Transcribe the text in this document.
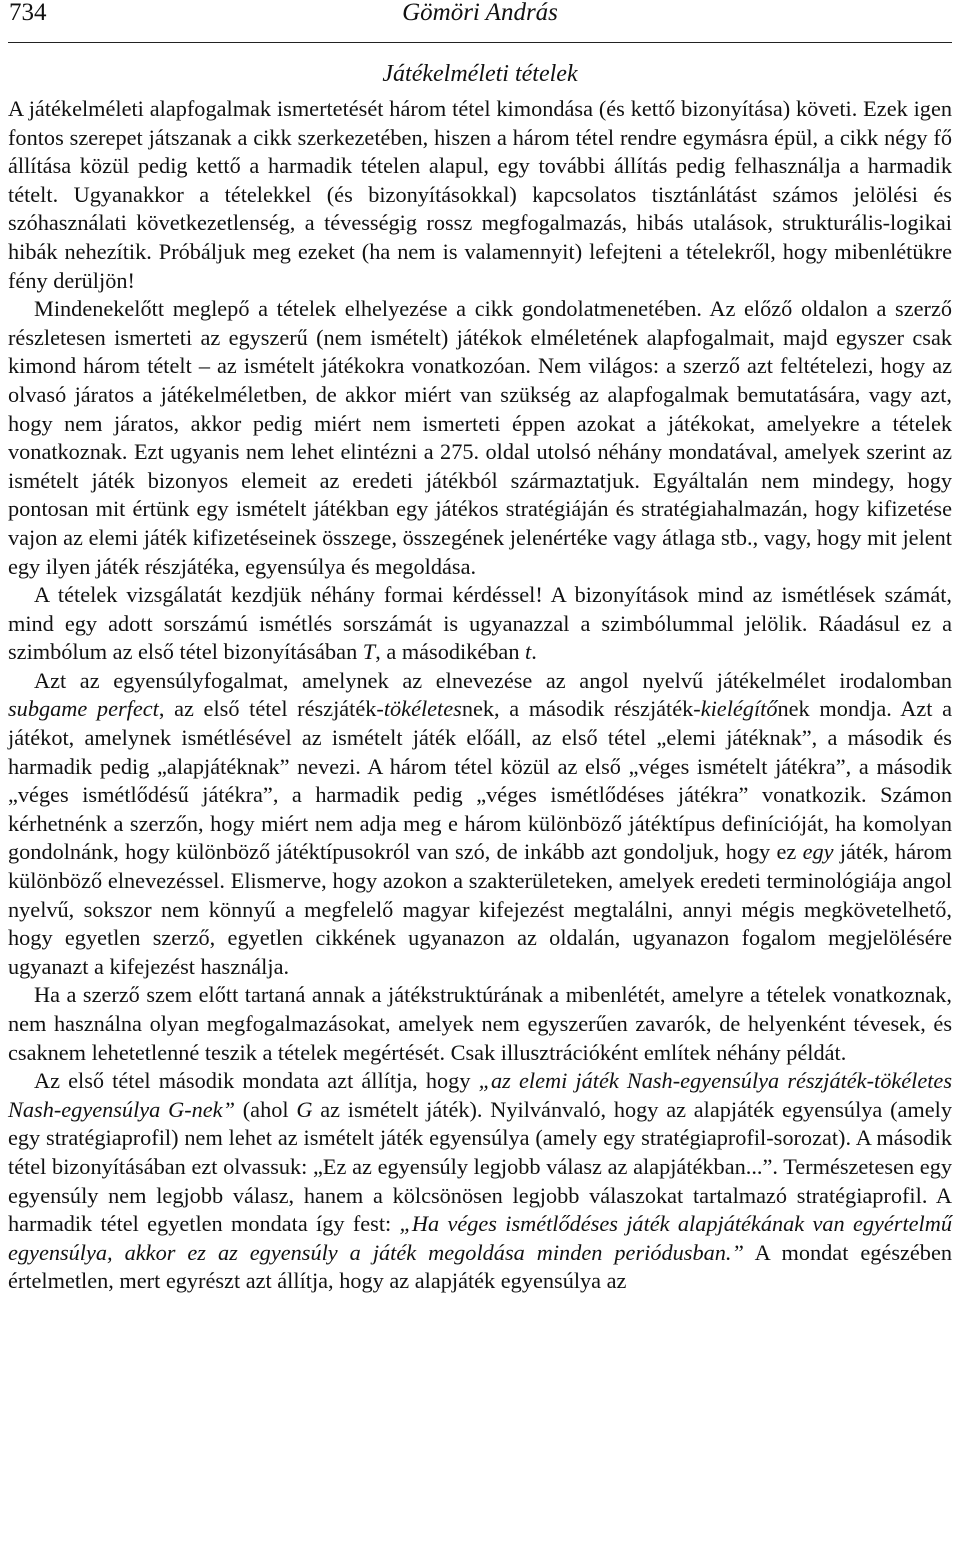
734	Gömöri András
Játékelméleti tételek

A játékelméleti alapfogalmak ismertetését három tétel kimondása (és kettő bizonyítása) követi. Ezek igen fontos szerepet játszanak a cikk szerkezetében, hiszen a három tétel rendre egymásra épül, a cikk négy fő állítása közül pedig kettő a harmadik tételen alapul, egy további állítás pedig felhasználja a harmadik tételt. Ugyanakkor a tételekkel (és bizonyításokkal) kapcsolatos tisztánlátást számos jelölési és szóhasználati következetlenség, a tévességig rossz megfogalmazás, hibás utalások, strukturális-logikai hibák nehezítik. Próbáljuk meg ezeket (ha nem is valamennyit) lefejteni a tételekről, hogy mibenlétükre fény derüljön!

Mindenekelőtt meglepő a tételek elhelyezése a cikk gondolatmenetében. Az előző oldalon a szerző részletesen ismerteti az egyszerű (nem ismételt) játékok elméletének alapfogalmait, majd egyszer csak kimond három tételt – az ismételt játékokra vonatkozóan. Nem világos: a szerző azt feltételezi, hogy az olvasó járatos a játékelméletben, de akkor miért van szükség az alapfogalmak bemutatására, vagy azt, hogy nem járatos, akkor pedig miért nem ismerteti éppen azokat a játékokat, amelyekre a tételek vonatkoznak. Ezt ugyanis nem lehet elintézni a 275. oldal utolsó néhány mondatával, amelyek szerint az ismételt játék bizonyos elemeit az eredeti játékból származtatjuk. Egyáltalán nem mindegy, hogy pontosan mit értünk egy ismételt játékban egy játékos stratégiáján és stratégiahalmazán, hogy kifizetése vajon az elemi játék kifizetéseinek összege, összegének jelenértéke vagy átlaga stb., vagy, hogy mit jelent egy ilyen játék részjátéka, egyensúlya és megoldása.

A tételek vizsgálatát kezdjük néhány formai kérdéssel! A bizonyítások mind az ismétlések számát, mind egy adott sorszámú ismétlés sorszámát is ugyanazzal a szimbólummal jelölik. Ráadásul ez a szimbólum az első tétel bizonyításában T, a másodikéban t.

Azt az egyensúlyfogalmat, amelynek az elnevezése az angol nyelvű játékelmélet irodalomban subgame perfect, az első tétel részjáték-tökéletesnek, a második részjáték-kielégítőnek mondja. Azt a játékot, amelynek ismétlésével az ismételt játék előáll, az első tétel „elemi játéknak”, a második és harmadik pedig „alapjátéknak” nevezi. A három tétel közül az első „véges ismételt játékra”, a második „véges ismétlődésű játékra”, a harmadik pedig „véges ismétlődéses játékra” vonatkozik. Számon kérhetnénk a szerzőn, hogy miért nem adja meg e három különböző játéktípus definícióját, ha komolyan gondolnánk, hogy különböző játéktípusokról van szó, de inkább azt gondoljuk, hogy ez egy játék, három különböző elnevezéssel. Elismerve, hogy azokon a szakterületeken, amelyek eredeti terminológiája angol nyelvű, sokszor nem könnyű a megfelelő magyar kifejezést megtalálni, annyi mégis megkövetelhető, hogy egyetlen szerző, egyetlen cikkének ugyanazon az oldalán, ugyanazon fogalom megjelölésére ugyanazt a kifejezést használja.

Ha a szerző szem előtt tartaná annak a játékstruktúrának a mibenlétét, amelyre a tételek vonatkoznak, nem használna olyan megfogalmazásokat, amelyek nem egyszerűen zavarók, de helyenként tévesek, és csaknem lehetetlenné teszik a tételek megértését. Csak illusztrációként említek néhány példát.

Az első tétel második mondata azt állítja, hogy „az elemi játék Nash-egyensúlya részjáték-tökéletes Nash-egyensúlya G-nek” (ahol G az ismételt játék). Nyilvánvaló, hogy az alapjáték egyensúlya (amely egy stratégiaprofil) nem lehet az ismételt játék egyensúlya (amely egy stratégiaprofil-sorozat). A második tétel bizonyításában ezt olvassuk: „Ez az egyensúly legjobb válasz az alapjátékban...”. Természetesen egy egyensúly nem legjobb válasz, hanem a kölcsönösen legjobb válaszokat tartalmazó stratégiaprofil. A harmadik tétel egyetlen mondata így fest: „Ha véges ismétlődéses játék alapjátékának van egyértelmű egyensúlya, akkor ez az egyensúly a játék megoldása minden periódusban.” A mondat egészében értelmetlen, mert egyrészt azt állítja, hogy az alapjáték egyensúlya az
